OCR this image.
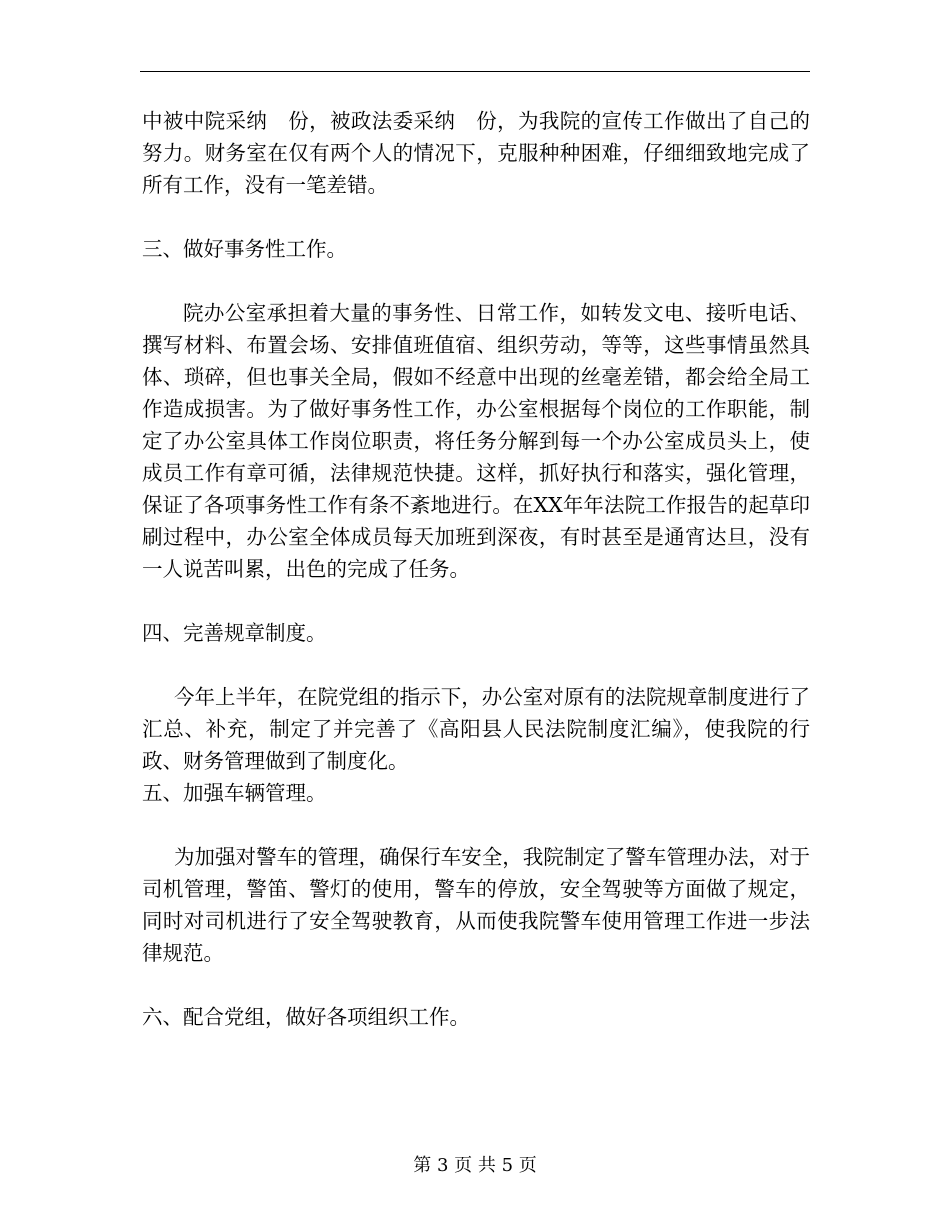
中被中院采纳　份，被政法委采纳　份，为我院的宣传工作做出了自己的努力。财务室在仅有两个人的情况下，克服种种困难，仔细细致地完成了所有工作，没有一笔差错。

三、做好事务性工作。

院办公室承担着大量的事务性、日常工作，如转发文电、接听电话、撰写材料、布置会场、安排值班值宿、组织劳动，等等，这些事情虽然具体、琐碎，但也事关全局，假如不经意中出现的丝毫差错，都会给全局工作造成损害。为了做好事务性工作，办公室根据每个岗位的工作职能，制定了办公室具体工作岗位职责，将任务分解到每一个办公室成员头上，使成员工作有章可循，法律规范快捷。这样，抓好执行和落实，强化管理，保证了各项事务性工作有条不紊地进行。在XX年年法院工作报告的起草印刷过程中，办公室全体成员每天加班到深夜，有时甚至是通宵达旦，没有一人说苦叫累，出色的完成了任务。

四、完善规章制度。

今年上半年，在院党组的指示下，办公室对原有的法院规章制度进行了汇总、补充，制定了并完善了《高阳县人民法院制度汇编》，使我院的行政、财务管理做到了制度化。

五、加强车辆管理。

为加强对警车的管理，确保行车安全，我院制定了警车管理办法，对于司机管理，警笛、警灯的使用，警车的停放，安全驾驶等方面做了规定，同时对司机进行了安全驾驶教育，从而使我院警车使用管理工作进一步法律规范。

六、配合党组，做好各项组织工作。

第 3 页 共 5 页
